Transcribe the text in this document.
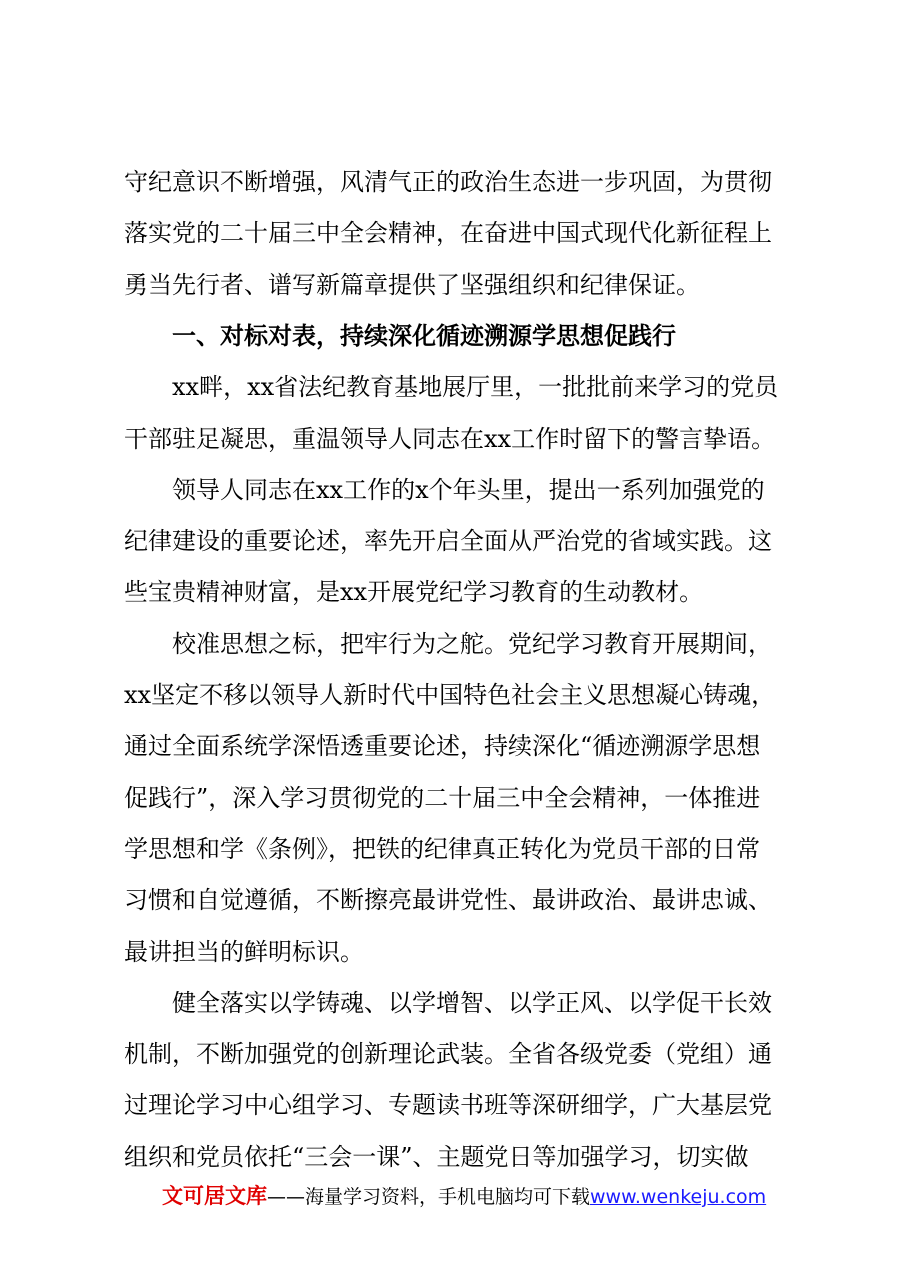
守纪意识不断增强，风清气正的政治生态进一步巩固，为贯彻
落实党的二十届三中全会精神，在奋进中国式现代化新征程上
勇当先行者、谱写新篇章提供了坚强组织和纪律保证。
一、对标对表，持续深化循迹溯源学思想促践行
xx畔，xx省法纪教育基地展厅里，一批批前来学习的党员
干部驻足凝思，重温领导人同志在xx工作时留下的警言挚语。
领导人同志在xx工作的x个年头里，提出一系列加强党的
纪律建设的重要论述，率先开启全面从严治党的省域实践。这
些宝贵精神财富，是xx开展党纪学习教育的生动教材。
校准思想之标，把牢行为之舵。党纪学习教育开展期间，
xx坚定不移以领导人新时代中国特色社会主义思想凝心铸魂，
通过全面系统学深悟透重要论述，持续深化“循迹溯源学思想
促践行”，深入学习贯彻党的二十届三中全会精神，一体推进
学思想和学《条例》，把铁的纪律真正转化为党员干部的日常
习惯和自觉遵循，不断擦亮最讲党性、最讲政治、最讲忠诚、
最讲担当的鲜明标识。
健全落实以学铸魂、以学增智、以学正风、以学促干长效
机制，不断加强党的创新理论武装。全省各级党委（党组）通
过理论学习中心组学习、专题读书班等深研细学，广大基层党
文可居文库——海量学习资料，手机电脑均可下载www.wenkeju.com
组织和党员依托“三会一课”、主题党日等加强学习，切实做
